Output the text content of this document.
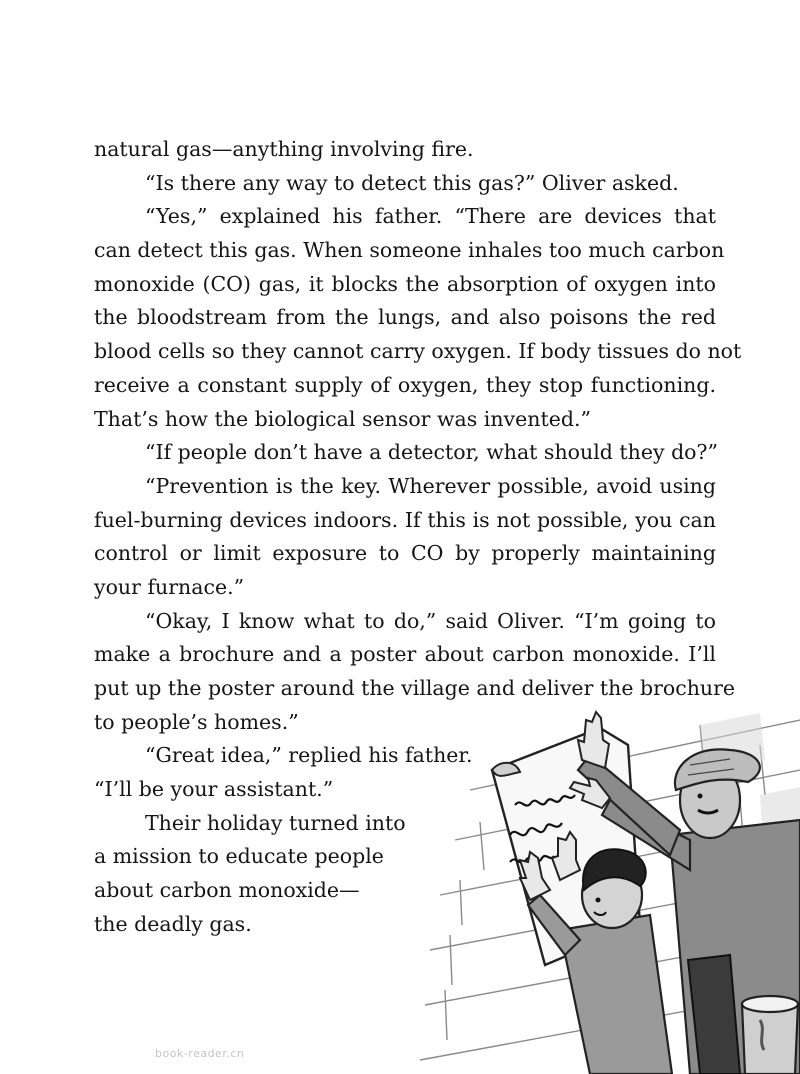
natural gas—anything involving fire.
“Is there any way to detect this gas?” Oliver asked.
“Yes,” explained his father. “There are devices that
can detect this gas. When someone inhales too much carbon
monoxide (CO) gas, it blocks the absorption of oxygen into
the bloodstream from the lungs, and also poisons the red
blood cells so they cannot carry oxygen. If body tissues do not
receive a constant supply of oxygen, they stop functioning.
That’s how the biological sensor was invented.”
“If people don’t have a detector, what should they do?”
“Prevention is the key. Wherever possible, avoid using
fuel-burning devices indoors. If this is not possible, you can
control or limit exposure to CO by properly maintaining
your furnace.”
“Okay, I know what to do,” said Oliver. “I’m going to
make a brochure and a poster about carbon monoxide. I’ll
put up the poster around the village and deliver the brochure
to people’s homes.”
“Great idea,” replied his father.
“I’ll be your assistant.”
Their holiday turned into
a mission to educate people
about carbon monoxide—
the deadly gas.
book-reader.cn
